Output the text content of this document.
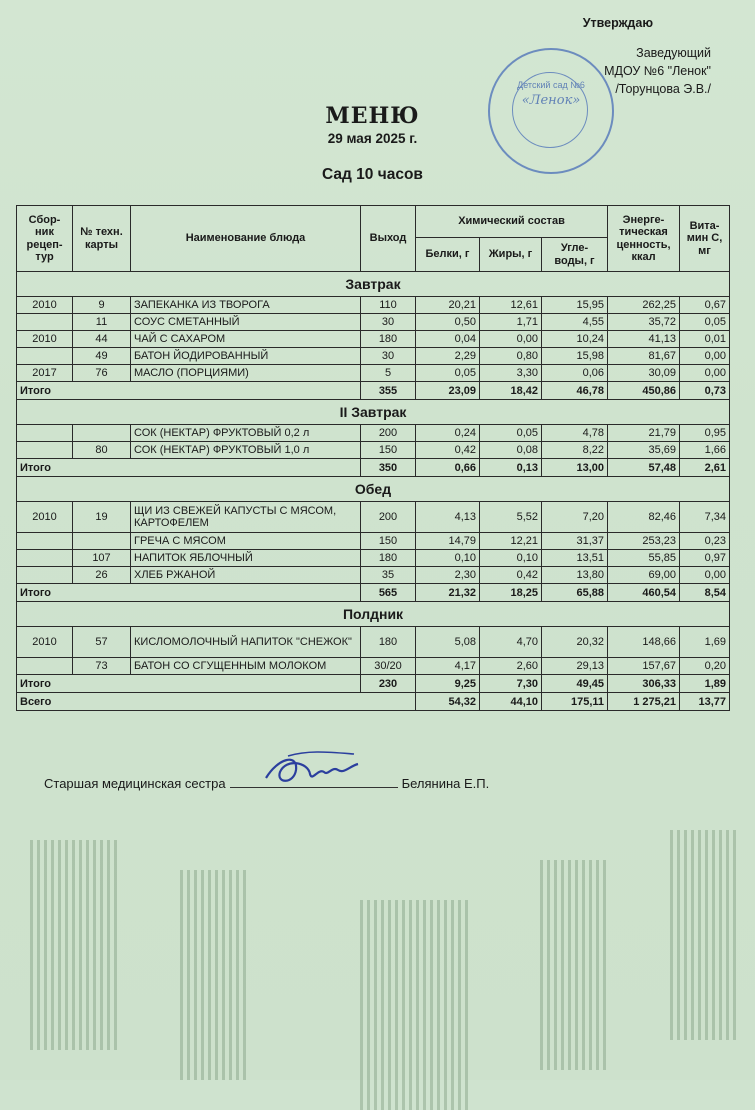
Утверждаю
Заведующий
МДОУ №6 "Ленок"
/Торунцова Э.В./
Детский сад №6
«Ленок»
МЕНЮ
29 мая 2025 г.
Сад 10 часов
Сбор-ник рецеп-тур	№ техн. карты	Наименование блюда	Выход	Химический состав			Энерге-тическая ценность, ккал	Вита-мин С, мг
				Белки, г	Жиры, г	Угле-воды, г		
Завтрак								
2010	9	ЗАПЕКАНКА ИЗ ТВОРОГА	110	20,21	12,61	15,95	262,25	0,67
	11	СОУС СМЕТАННЫЙ	30	0,50	1,71	4,55	35,72	0,05
2010	44	ЧАЙ С САХАРОМ	180	0,04	0,00	10,24	41,13	0,01
	49	БАТОН ЙОДИРОВАННЫЙ	30	2,29	0,80	15,98	81,67	0,00
2017	76	МАСЛО (ПОРЦИЯМИ)	5	0,05	3,30	0,06	30,09	0,00
Итого			355	23,09	18,42	46,78	450,86	0,73
II Завтрак								
		СОК (НЕКТАР) ФРУКТОВЫЙ 0,2 л	200	0,24	0,05	4,78	21,79	0,95
	80	СОК (НЕКТАР) ФРУКТОВЫЙ 1,0 л	150	0,42	0,08	8,22	35,69	1,66
Итого			350	0,66	0,13	13,00	57,48	2,61
Обед								
2010	19	ЩИ ИЗ СВЕЖЕЙ КАПУСТЫ С МЯСОМ, КАРТОФЕЛЕМ	200	4,13	5,52	7,20	82,46	7,34
		ГРЕЧА С МЯСОМ	150	14,79	12,21	31,37	253,23	0,23
	107	НАПИТОК ЯБЛОЧНЫЙ	180	0,10	0,10	13,51	55,85	0,97
	26	ХЛЕБ РЖАНОЙ	35	2,30	0,42	13,80	69,00	0,00
Итого			565	21,32	18,25	65,88	460,54	8,54
Полдник								
2010	57	КИСЛОМОЛОЧНЫЙ НАПИТОК "СНЕЖОК"	180	5,08	4,70	20,32	148,66	1,69
	73	БАТОН СО СГУЩЕННЫМ МОЛОКОМ	30/20	4,17	2,60	29,13	157,67	0,20
Итого			230	9,25	7,30	49,45	306,33	1,89
Всего				54,32	44,10	175,11	1 275,21	13,77
Старшая медицинская сестра	Белянина Е.П.
